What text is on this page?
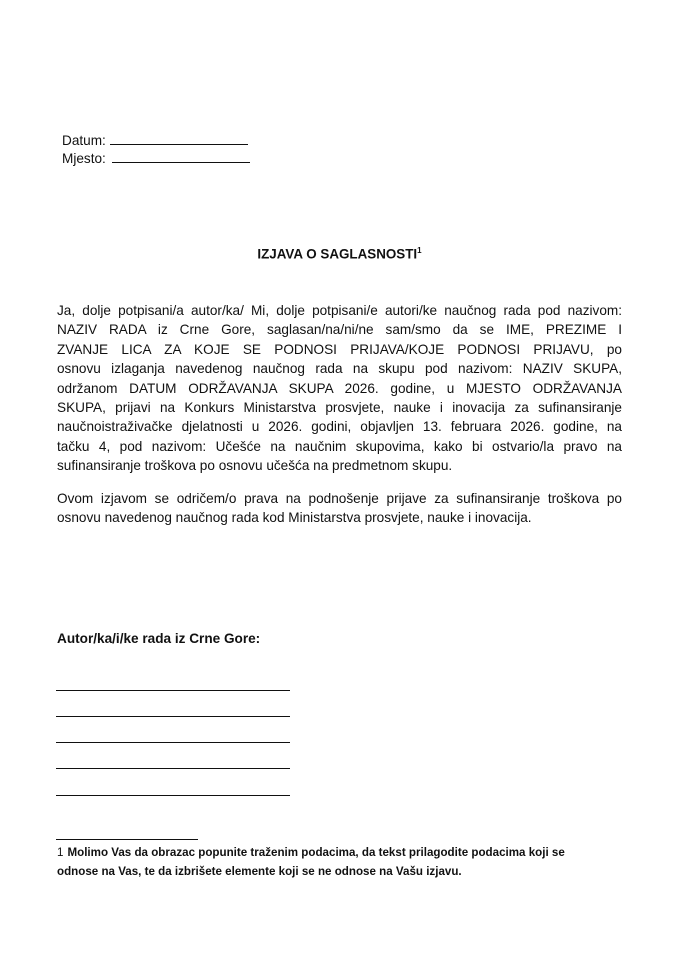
Datum:
Mjesto:
IZJAVA O SAGLASNOSTI$^1$
Ja, dolje potpisani/a autor/ka/ Mi, dolje potpisani/e autori/ke naučnog rada pod nazivom:
NAZIV RADA iz Crne Gore, saglasan/na/ni/ne sam/smo da se IME, PREZIME I
ZVANJE LICA ZA KOJE SE PODNOSI PRIJAVA/KOJE PODNOSI PRIJAVU, po
osnovu izlaganja navedenog naučnog rada na skupu pod nazivom: NAZIV SKUPA,
održanom DATUM ODRŽAVANJA SKUPA 2026. godine, u MJESTO ODRŽAVANJA
SKUPA, prijavi na Konkurs Ministarstva prosvjete, nauke i inovacija za sufinansiranje
naučnoistraživačke djelatnosti u 2026. godini, objavljen 13. februara 2026. godine, na
tačku 4, pod nazivom: Učešće na naučnim skupovima, kako bi ostvario/la pravo na
sufinansiranje troškova po osnovu učešća na predmetnom skupu.
Ovom izjavom se odričem/o prava na podnošenje prijave za sufinansiranje troškova po
osnovu navedenog naučnog rada kod Ministarstva prosvjete, nauke i inovacija.
Autor/ka/i/ke rada iz Crne Gore:
1 Molimo Vas da obrazac popunite traženim podacima, da tekst prilagodite podacima koji se
odnose na Vas, te da izbrišete elemente koji se ne odnose na Vašu izjavu.
